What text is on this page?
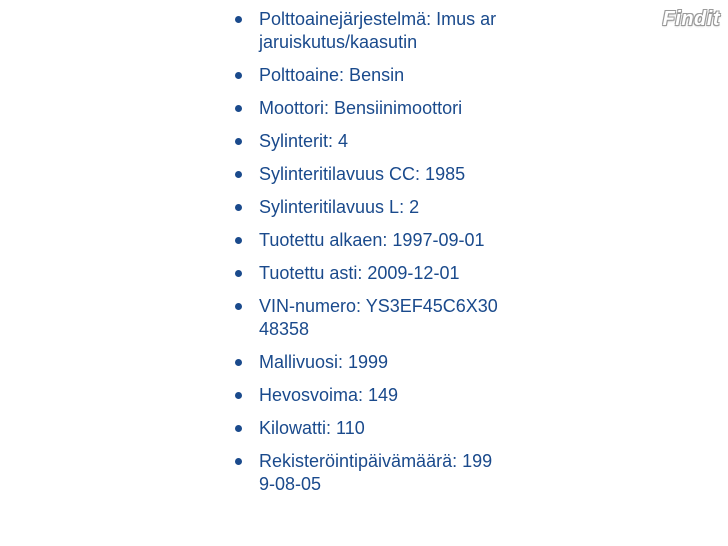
Findit
Polttoainejärjestelmä: Imus arjaruiskutus/kaasutin
Polttoaine: Bensin
Moottori: Bensiinimoottori
Sylinterit: 4
Sylinteritilavuus CC: 1985
Sylinteritilavuus L: 2
Tuotettu alkaen: 1997-09-01
Tuotettu asti: 2009-12-01
VIN-numero: YS3EF45C6X3048358
Mallivuosi: 1999
Hevosvoima: 149
Kilowatti: 110
Rekisteröintipäivämäärä: 1999-08-05
